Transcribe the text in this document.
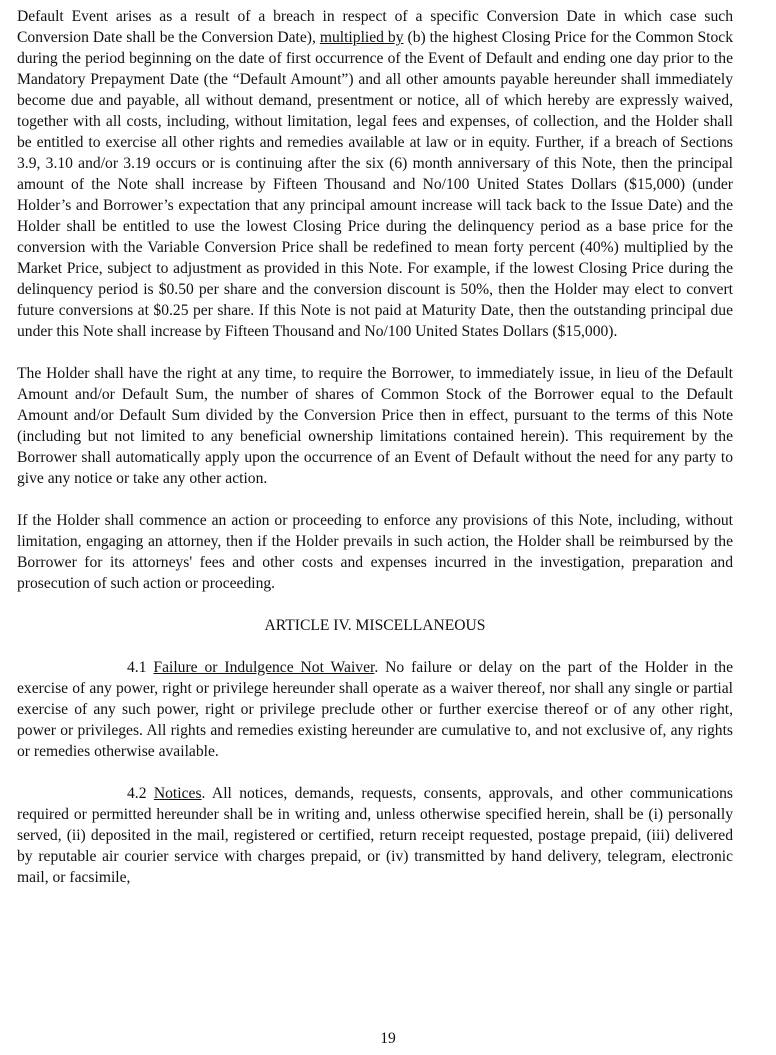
Default Event arises as a result of a breach in respect of a specific Conversion Date in which case such Conversion Date shall be the Conversion Date), multiplied by (b) the highest Closing Price for the Common Stock during the period beginning on the date of first occurrence of the Event of Default and ending one day prior to the Mandatory Prepayment Date (the “Default Amount”) and all other amounts payable hereunder shall immediately become due and payable, all without demand, presentment or notice, all of which hereby are expressly waived, together with all costs, including, without limitation, legal fees and expenses, of collection, and the Holder shall be entitled to exercise all other rights and remedies available at law or in equity. Further, if a breach of Sections 3.9, 3.10 and/or 3.19 occurs or is continuing after the six (6) month anniversary of this Note, then the principal amount of the Note shall increase by Fifteen Thousand and No/100 United States Dollars ($15,000) (under Holder’s and Borrower’s expectation that any principal amount increase will tack back to the Issue Date) and the Holder shall be entitled to use the lowest Closing Price during the delinquency period as a base price for the conversion with the Variable Conversion Price shall be redefined to mean forty percent (40%) multiplied by the Market Price, subject to adjustment as provided in this Note. For example, if the lowest Closing Price during the delinquency period is $0.50 per share and the conversion discount is 50%, then the Holder may elect to convert future conversions at $0.25 per share. If this Note is not paid at Maturity Date, then the outstanding principal due under this Note shall increase by Fifteen Thousand and No/100 United States Dollars ($15,000).

The Holder shall have the right at any time, to require the Borrower, to immediately issue, in lieu of the Default Amount and/or Default Sum, the number of shares of Common Stock of the Borrower equal to the Default Amount and/or Default Sum divided by the Conversion Price then in effect, pursuant to the terms of this Note (including but not limited to any beneficial ownership limitations contained herein). This requirement by the Borrower shall automatically apply upon the occurrence of an Event of Default without the need for any party to give any notice or take any other action.

If the Holder shall commence an action or proceeding to enforce any provisions of this Note, including, without limitation, engaging an attorney, then if the Holder prevails in such action, the Holder shall be reimbursed by the Borrower for its attorneys' fees and other costs and expenses incurred in the investigation, preparation and prosecution of such action or proceeding.

ARTICLE IV. MISCELLANEOUS

4.1 Failure or Indulgence Not Waiver. No failure or delay on the part of the Holder in the exercise of any power, right or privilege hereunder shall operate as a waiver thereof, nor shall any single or partial exercise of any such power, right or privilege preclude other or further exercise thereof or of any other right, power or privileges. All rights and remedies existing hereunder are cumulative to, and not exclusive of, any rights or remedies otherwise available.

4.2 Notices. All notices, demands, requests, consents, approvals, and other communications required or permitted hereunder shall be in writing and, unless otherwise specified herein, shall be (i) personally served, (ii) deposited in the mail, registered or certified, return receipt requested, postage prepaid, (iii) delivered by reputable air courier service with charges prepaid, or (iv) transmitted by hand delivery, telegram, electronic mail, or facsimile,

19
